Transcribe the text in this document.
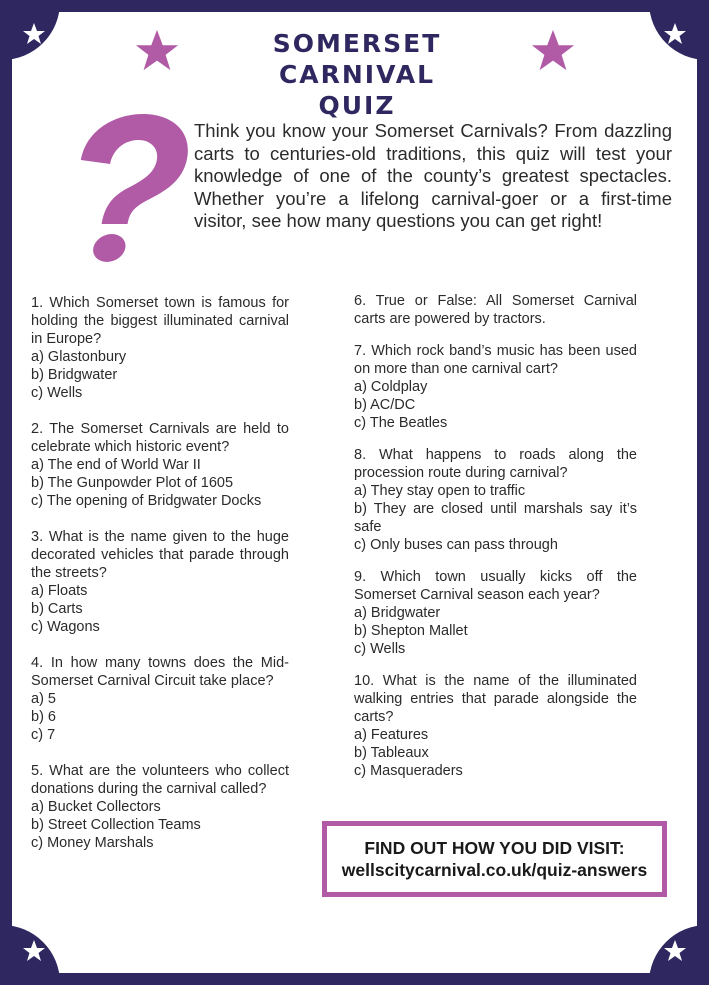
SOMERSET CARNIVAL
QUIZ
Think you know your Somerset Carnivals? From dazzling carts to centuries-old traditions, this quiz will test your knowledge of one of the county’s greatest spectacles. Whether you’re a lifelong carnival-goer or a first-time visitor, see how many questions you can get right!
1. Which Somerset town is famous for holding the biggest illuminated carnival in Europe?
a) Glastonbury
b) Bridgwater
c) Wells
2. The Somerset Carnivals are held to celebrate which historic event?
a) The end of World War II
b) The Gunpowder Plot of 1605
c) The opening of Bridgwater Docks
3. What is the name given to the huge decorated vehicles that parade through the streets?
a) Floats
b) Carts
c) Wagons
4. In how many towns does the Mid-Somerset Carnival Circuit take place?
a) 5
b) 6
c) 7
5. What are the volunteers who collect donations during the carnival called?
a) Bucket Collectors
b) Street Collection Teams
c) Money Marshals
6. True or False: All Somerset Carnival carts are powered by tractors.
7. Which rock band’s music has been used on more than one carnival cart?
a) Coldplay
b) AC/DC
c) The Beatles
8. What happens to roads along the procession route during carnival?
a) They stay open to traffic
b) They are closed until marshals say it’s safe
c) Only buses can pass through
9. Which town usually kicks off the Somerset Carnival season each year?
a) Bridgwater
b) Shepton Mallet
c) Wells
10. What is the name of the illuminated walking entries that parade alongside the carts?
a) Features
b) Tableaux
c) Masqueraders
FIND OUT HOW YOU DID VISIT:
wellscitycarnival.co.uk/quiz-answers
